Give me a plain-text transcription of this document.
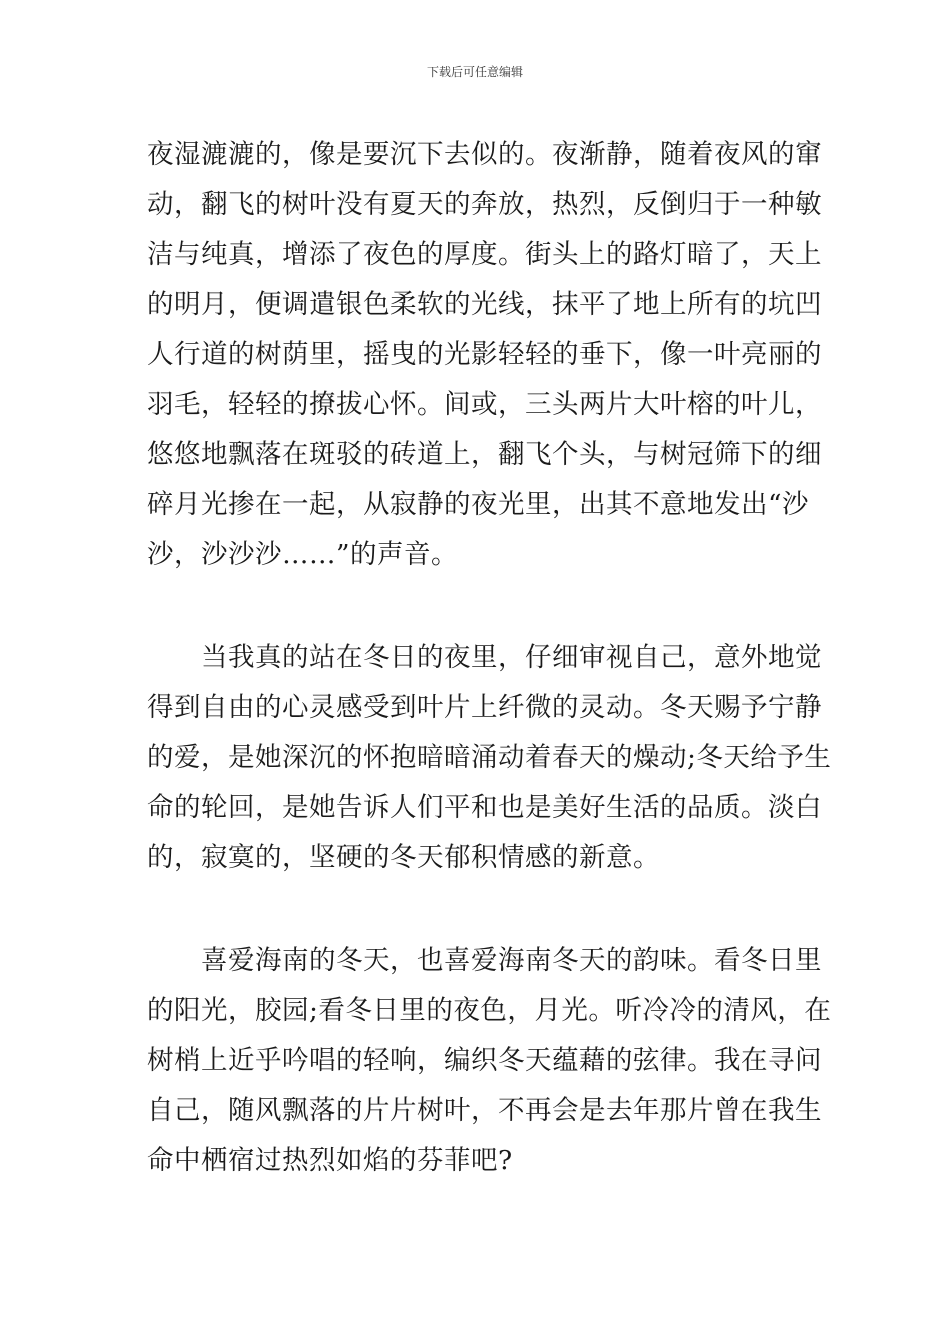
下载后可任意编辑
夜湿漉漉的，像是要沉下去似的。夜渐静，随着夜风的窜
动，翻飞的树叶没有夏天的奔放，热烈，反倒归于一种敏
洁与纯真，增添了夜色的厚度。街头上的路灯暗了，天上
的明月，便调遣银色柔软的光线，抹平了地上所有的坑凹
人行道的树荫里，摇曳的光影轻轻的垂下，像一叶亮丽的
羽毛，轻轻的撩拔心怀。间或，三头两片大叶榕的叶儿，
悠悠地飘落在斑驳的砖道上，翻飞个头，与树冠筛下的细
碎月光掺在一起，从寂静的夜光里，出其不意地发出“沙
沙，沙沙沙……”的声音。
　　当我真的站在冬日的夜里，仔细审视自己，意外地觉
得到自由的心灵感受到叶片上纤微的灵动。冬天赐予宁静
的爱，是她深沉的怀抱暗暗涌动着春天的燥动;冬天给予生
命的轮回，是她告诉人们平和也是美好生活的品质。淡白
的，寂寞的，坚硬的冬天郁积情感的新意。
　　喜爱海南的冬天，也喜爱海南冬天的韵味。看冬日里
的阳光，胶园;看冬日里的夜色，月光。听冷冷的清风，在
树梢上近乎吟唱的轻响，编织冬天蕴藉的弦律。我在寻问
自己，随风飘落的片片树叶，不再会是去年那片曾在我生
命中栖宿过热烈如焰的芬菲吧?
